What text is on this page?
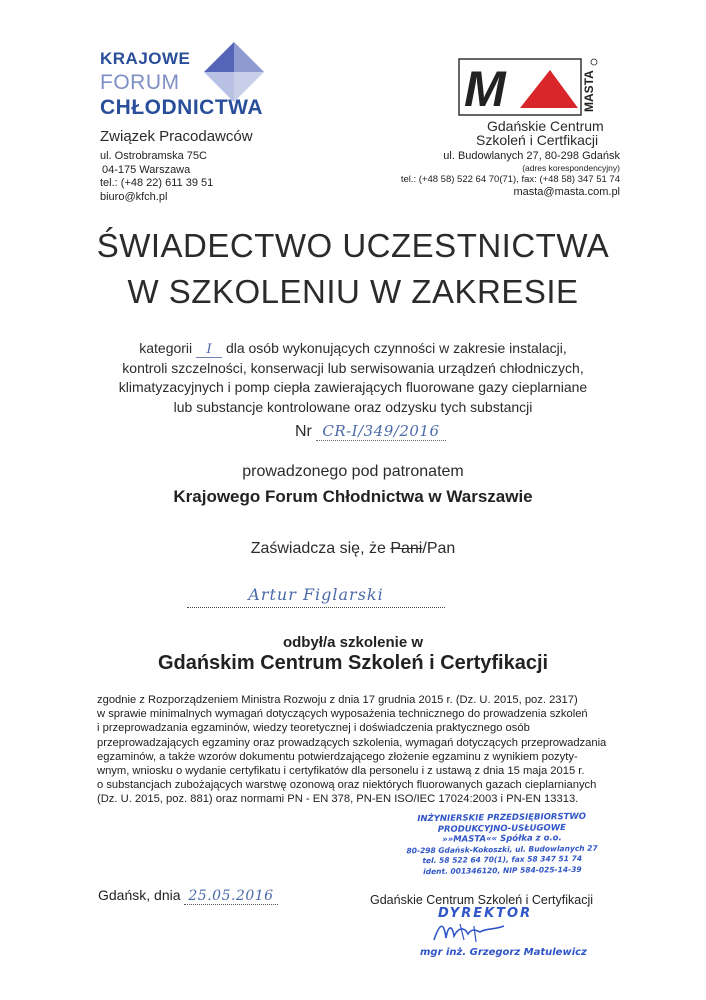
KRAJOWE
FORUM
CHŁODNICTWA
Związek Pracodawców
ul. Ostrobramska 75C
04-175 Warszawa
tel.: (+48 22) 611 39 51
biuro@kfch.pl
M	MASTA
Gdańskie Centrum
Szkoleń i Certfikacji
ul. Budowlanych 27, 80-298 Gdańsk
(adres korespondencyjny)
tel.: (+48 58) 522 64 70(71), fax: (+48 58) 347 51 74
masta@masta.com.pl
ŚWIADECTWO UCZESTNICTWA
W SZKOLENIU W ZAKRESIE
kategorii I dla osób wykonujących czynności w zakresie instalacji,
kontroli szczelności, konserwacji lub serwisowania urządzeń chłodniczych,
klimatyzacyjnych i pomp ciepła zawierających fluorowane gazy cieplarniane
lub substancje kontrolowane oraz odzysku tych substancji
Nr CR-I/349/2016
prowadzonego pod patronatem
Krajowego Forum Chłodnictwa w Warszawie
Zaświadcza się, że Pani/Pan
Artur Figlarski
odbył/a szkolenie w
Gdańskim Centrum Szkoleń i Certyfikacji
zgodnie z Rozporządzeniem Ministra Rozwoju z dnia 17 grudnia 2015 r. (Dz. U. 2015, poz. 2317)
w sprawie minimalnych wymagań dotyczących wyposażenia technicznego do prowadzenia szkoleń
i przeprowadzania egzaminów, wiedzy teoretycznej i doświadczenia praktycznego osób
przeprowadzających egzaminy oraz prowadzących szkolenia, wymagań dotyczących przeprowadzania
egzaminów, a także wzorów dokumentu potwierdzającego złożenie egzaminu z wynikiem pozyty-
wnym, wniosku o wydanie certyfikatu i certyfikatów dla personelu i z ustawą z dnia 15 maja 2015 r.
o substancjach zubożających warstwę ozonową oraz niektórych fluorowanych gazach cieplarnianych
(Dz. U. 2015, poz. 881) oraz normami PN - EN 378, PN-EN ISO/IEC 17024:2003 i PN-EN 13313.
INŻYNIERSKIE PRZEDSIĘBIORSTWO
PRODUKCYJNO-USŁUGOWE
»»MASTA«« Spółka z o.o.
80-298 Gdańsk-Kokoszki, ul. Budowlanych 27
tel. 58 522 64 70(1), fax 58 347 51 74
ident. 001346120, NIP 584-025-14-39
Gdańsk, dnia 25.05.2016	Gdańskie Centrum Szkoleń i Certyfikacji
DYREKTOR
mgr inż. Grzegorz Matulewicz
